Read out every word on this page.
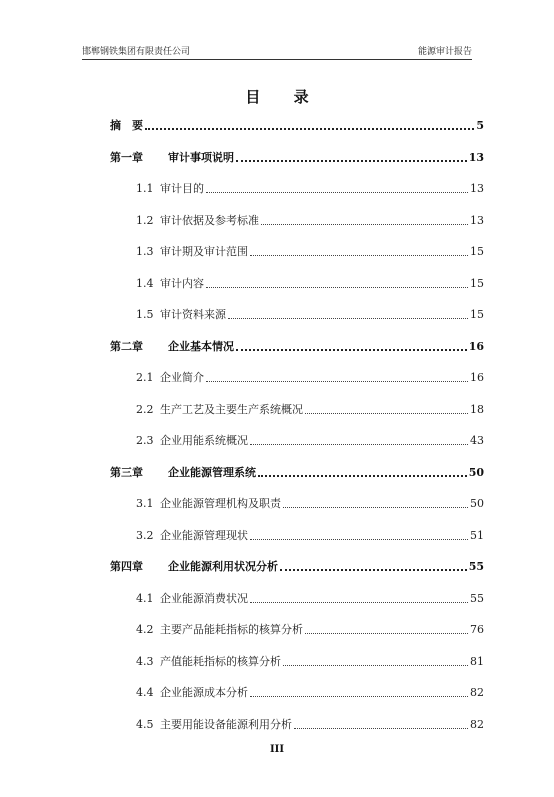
邯郸钢铁集团有限责任公司	能源审计报告
目 录
摘　要	5
第一章	审计事项说明	13
1.1 审计目的	13
1.2 审计依据及参考标准	13
1.3 审计期及审计范围	15
1.4 审计内容	15
1.5 审计资料来源	15
第二章	企业基本情况	16
2.1 企业简介	16
2.2 生产工艺及主要生产系统概况	18
2.3 企业用能系统概况	43
第三章	企业能源管理系统	50
3.1 企业能源管理机构及职责	50
3.2 企业能源管理现状	51
第四章	企业能源利用状况分析	55
4.1 企业能源消费状况	55
4.2 主要产品能耗指标的核算分析	76
4.3 产值能耗指标的核算分析	81
4.4 企业能源成本分析	82
4.5 主要用能设备能源利用分析	82
III
